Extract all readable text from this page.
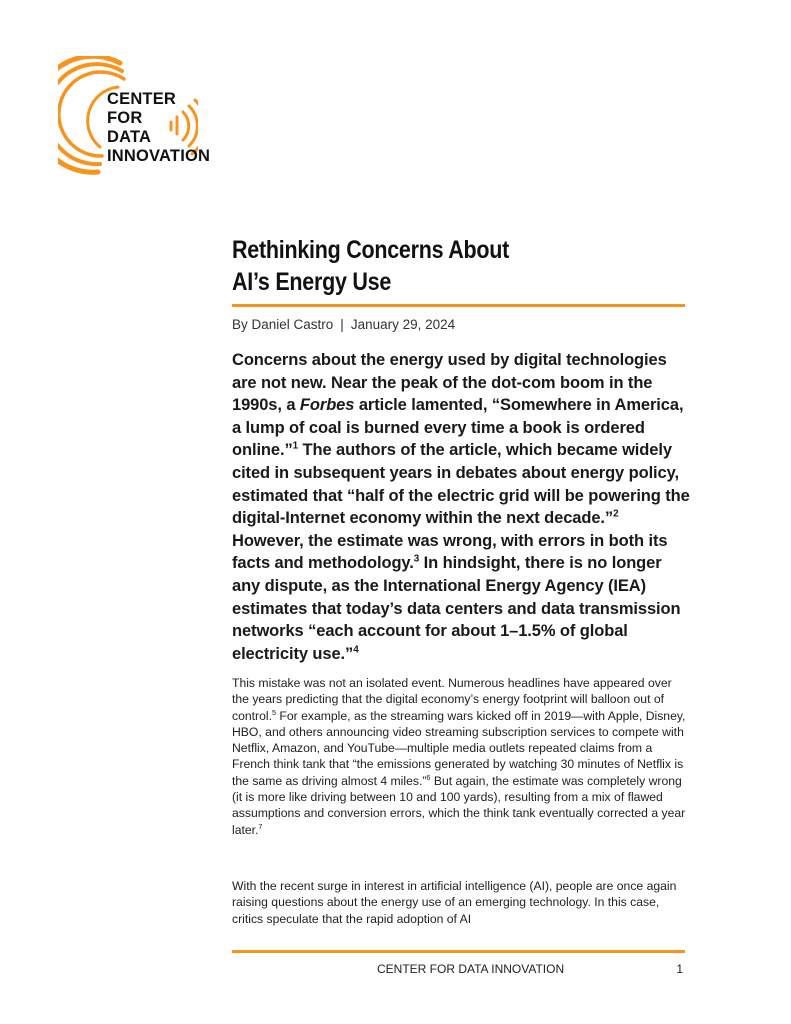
CENTER
FOR
DATA
INNOVATION
Rethinking Concerns About
AI’s Energy Use
By Daniel Castro | January 29, 2024
Concerns about the energy used by digital technologies are not new. Near the peak of the dot-com boom in the 1990s, a Forbes article lamented, “Somewhere in America, a lump of coal is burned every time a book is ordered online.”$^1$ The authors of the article, which became widely cited in subsequent years in debates about energy policy, estimated that “half of the electric grid will be powering the digital-Internet economy within the next decade.”$^2$ However, the estimate was wrong, with errors in both its facts and methodology.$^3$ In hindsight, there is no longer any dispute, as the International Energy Agency (IEA) estimates that today’s data centers and data transmission networks “each account for about 1–1.5% of global electricity use.”$^4$
This mistake was not an isolated event. Numerous headlines have appeared over the years predicting that the digital economy’s energy footprint will balloon out of control.$^5$ For example, as the streaming wars kicked off in 2019—with Apple, Disney, HBO, and others announcing video streaming subscription services to compete with Netflix, Amazon, and YouTube—multiple media outlets repeated claims from a French think tank that “the emissions generated by watching 30 minutes of Netflix is the same as driving almost 4 miles.”$^6$ But again, the estimate was completely wrong (it is more like driving between 10 and 100 yards), resulting from a mix of flawed assumptions and conversion errors, which the think tank eventually corrected a year later.$^7$
With the recent surge in interest in artificial intelligence (AI), people are once again raising questions about the energy use of an emerging technology. In this case, critics speculate that the rapid adoption of AI
CENTER FOR DATA INNOVATION	1
